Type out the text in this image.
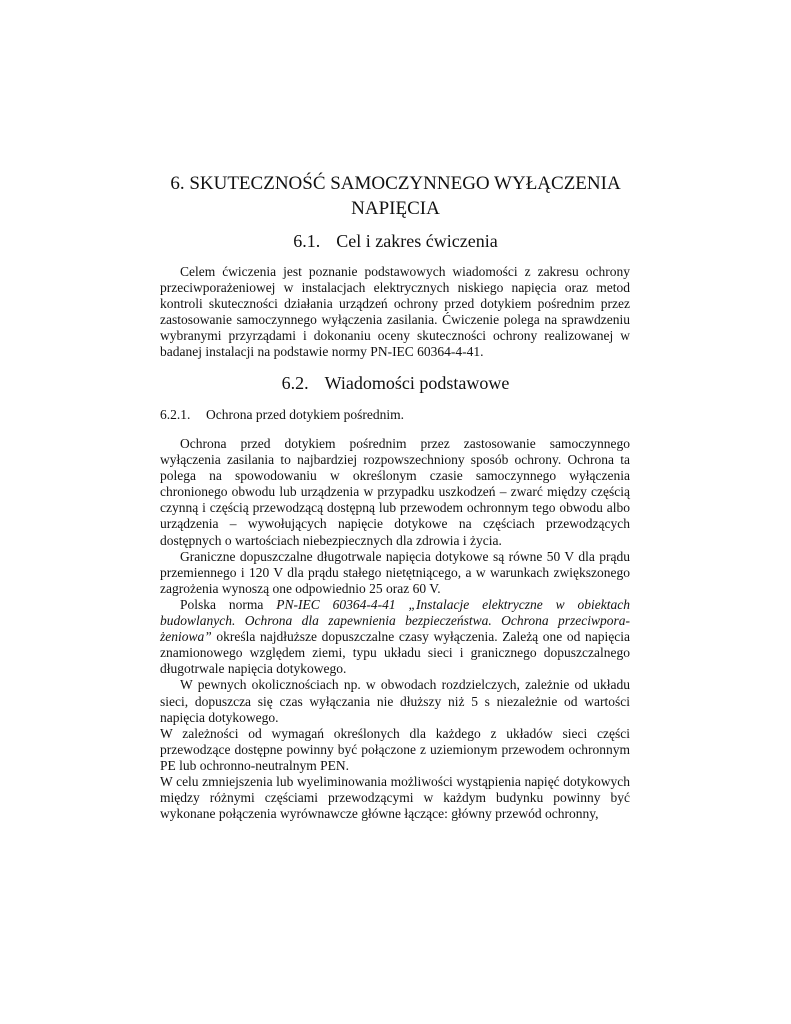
6. SKUTECZNOŚĆ SAMOCZYNNEGO WYŁĄCZENIA
NAPIĘCIA
6.1. Cel i zakres ćwiczenia

Celem ćwiczenia jest poznanie podstawowych wiadomości z zakresu ochrony przeciwporażeniowej w instalacjach elektrycznych niskiego napięcia oraz metod kontroli skuteczności działania urządzeń ochrony przed dotykiem pośrednim przez zastosowanie samoczynnego wyłączenia zasilania. Ćwiczenie polega na sprawdzeniu wybranymi przyrządami i dokonaniu oceny skuteczności ochrony realizowanej w badanej instalacji na podstawie normy PN-IEC 60364-4-41.

6.2. Wiadomości podstawowe
6.2.1. Ochrona przed dotykiem pośrednim.

Ochrona przed dotykiem pośrednim przez zastosowanie samoczynnego wyłączenia zasilania to najbardziej rozpowszechniony sposób ochrony. Ochrona ta polega na spowodowaniu w określonym czasie samoczynnego wyłączenia chronionego obwodu lub urządzenia w przypadku uszkodzeń – zwarć między częścią czynną i częścią przewodzącą dostępną lub przewodem ochronnym tego obwodu albo urządzenia – wywołujących napięcie dotykowe na częściach przewodzących dostępnych o wartościach niebezpiecznych dla zdrowia i życia.

Graniczne dopuszczalne długotrwale napięcia dotykowe są równe 50 V dla prądu przemiennego i 120 V dla prądu stałego nietętniącego, a w warunkach zwiększonego zagrożenia wynoszą one odpowiednio 25 oraz 60 V.

Polska norma PN-IEC 60364-4-41 „Instalacje elektryczne w obiektach budowlanych. Ochrona dla zapewnienia bezpieczeństwa. Ochrona przeciwpora-żeniowa” określa najdłuższe dopuszczalne czasy wyłączenia. Zależą one od napięcia znamionowego względem ziemi, typu układu sieci i granicznego dopuszczalnego długotrwale napięcia dotykowego.

W pewnych okolicznościach np. w obwodach rozdzielczych, zależnie od układu sieci, dopuszcza się czas wyłączania nie dłuższy niż 5 s niezależnie od wartości napięcia dotykowego.

W zależności od wymagań określonych dla każdego z układów sieci części przewodzące dostępne powinny być połączone z uziemionym przewodem ochronnym PE lub ochronno-neutralnym PEN.

W celu zmniejszenia lub wyeliminowania możliwości wystąpienia napięć dotykowych między różnymi częściami przewodzącymi w każdym budynku powinny być wykonane połączenia wyrównawcze główne łączące: główny przewód ochronny,
